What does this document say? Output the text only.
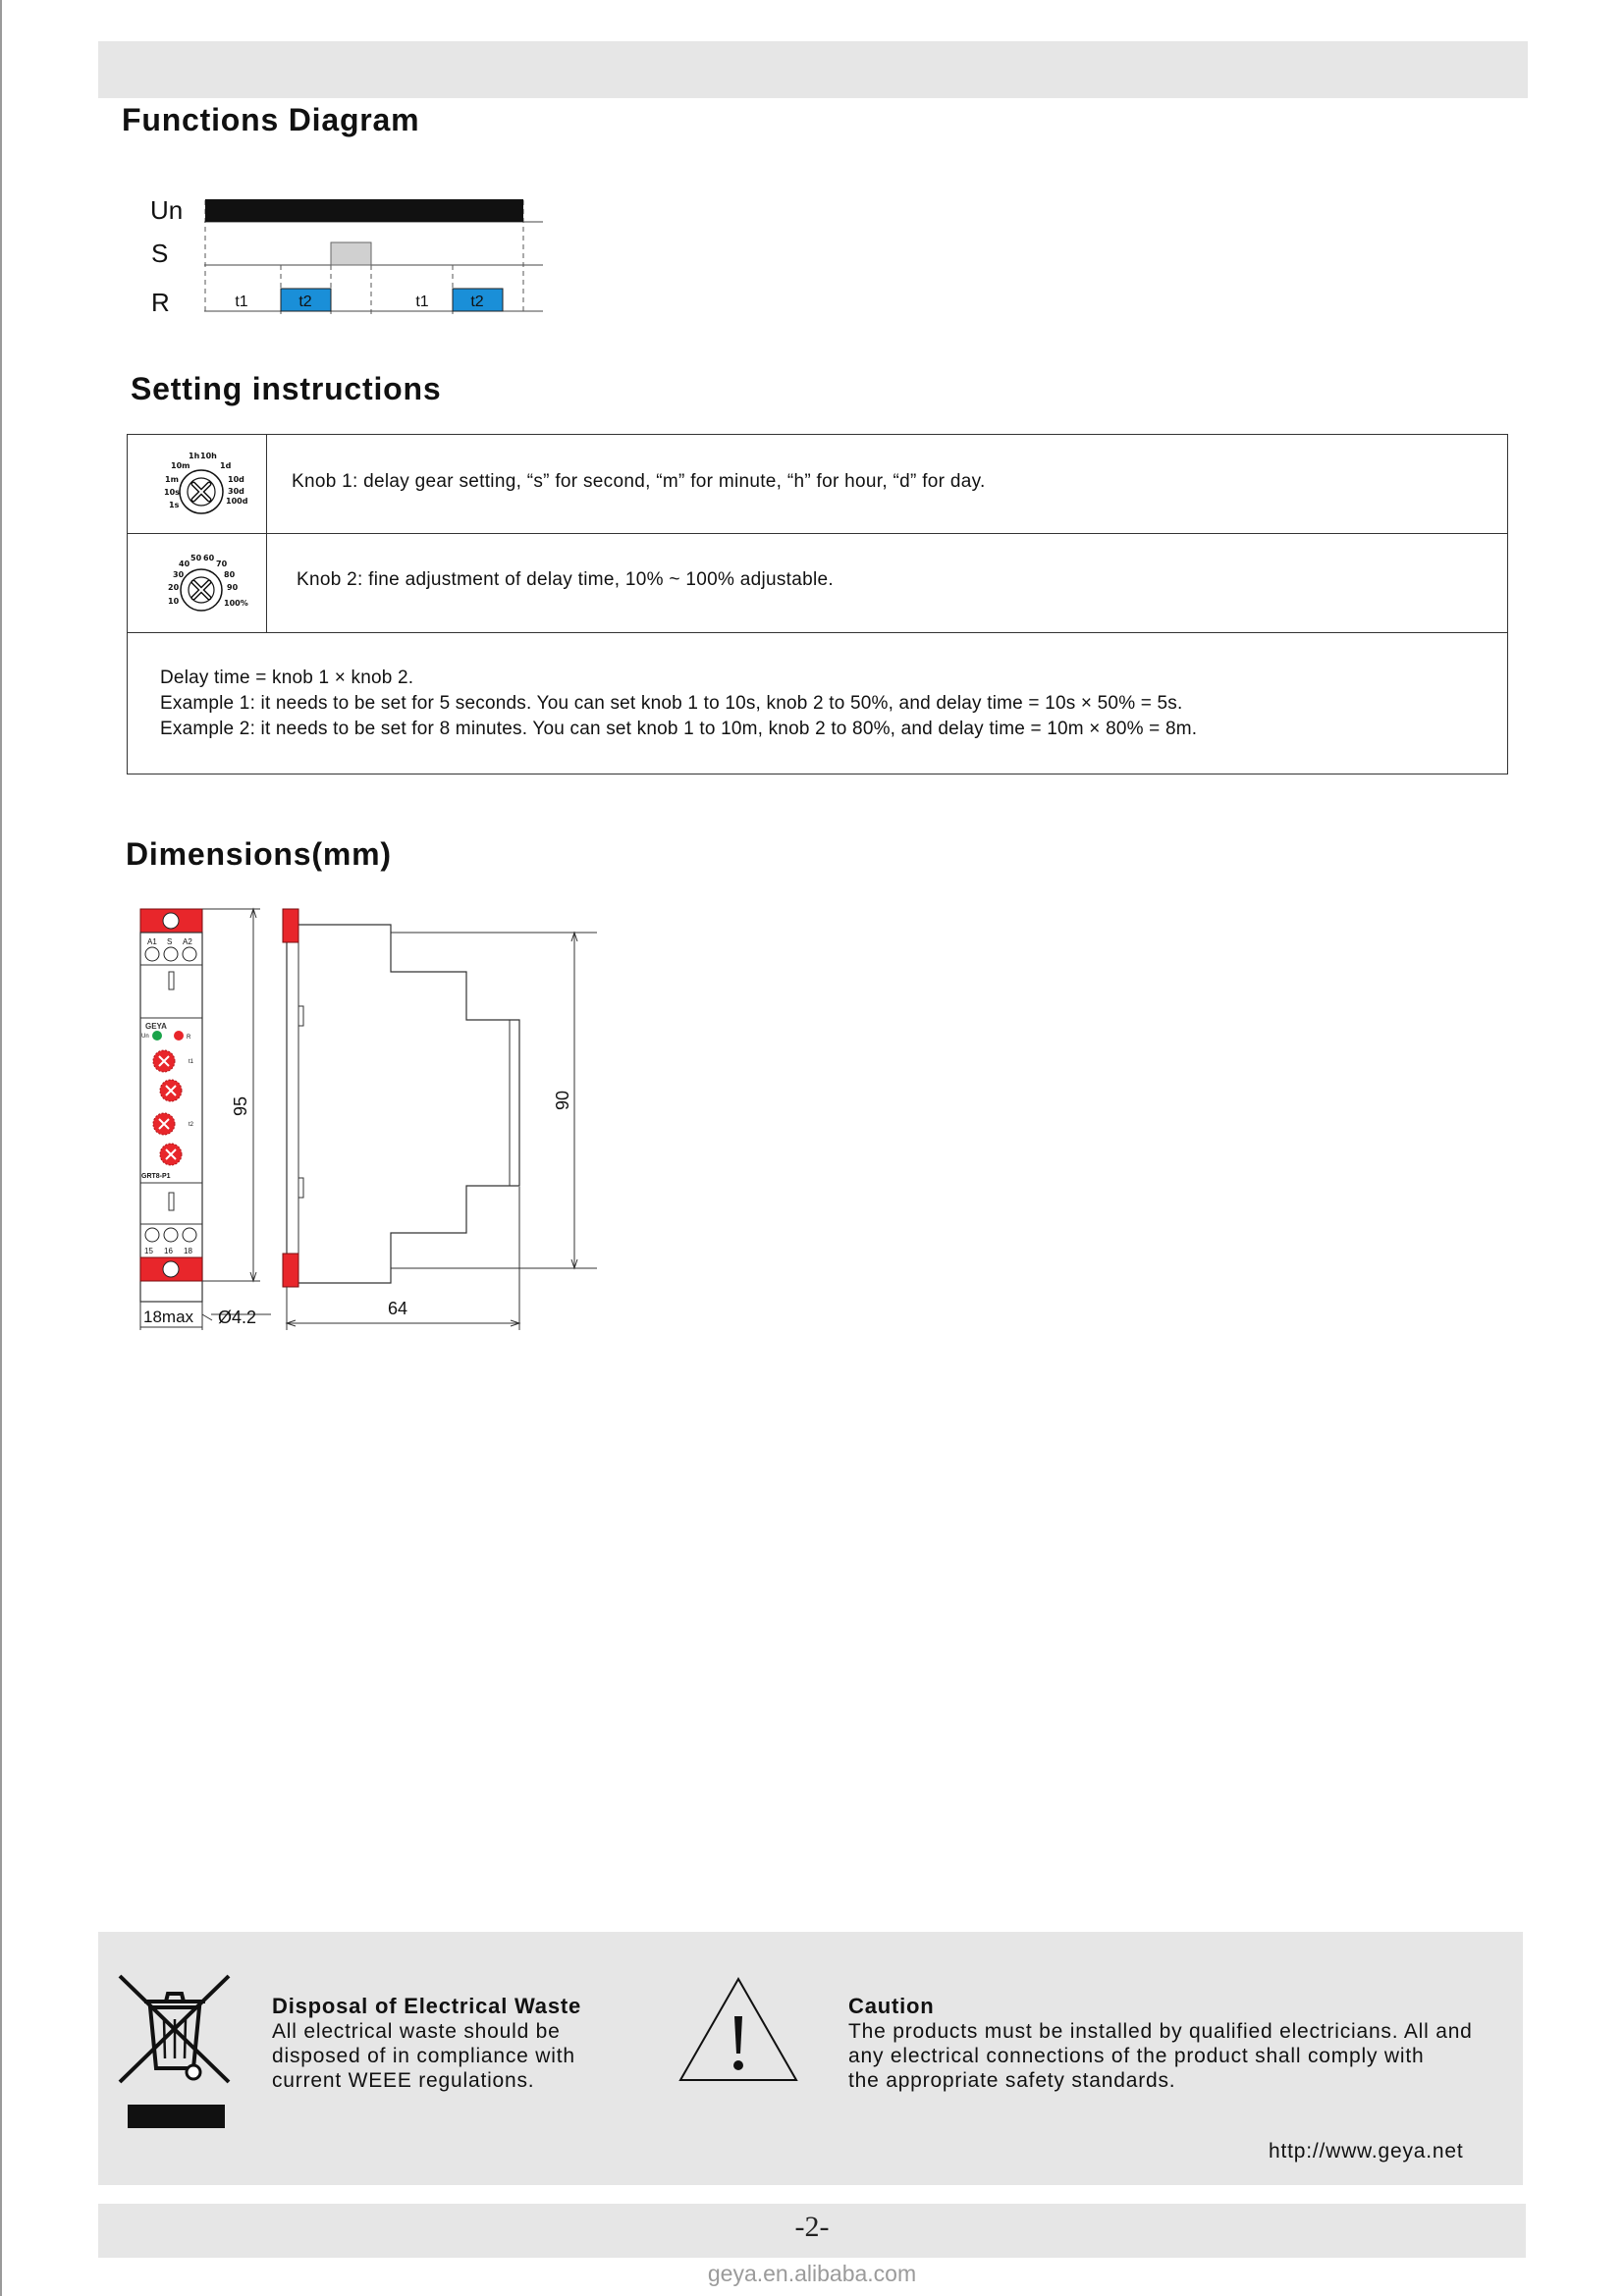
Functions Diagram
Un
S
R	t1	t2	t1	t2
Setting instructions
1h 10h
10m	1d
1m	10d
10s	30d
1s	100d
Knob 1: delay gear setting, “s” for second, “m” for minute, “h” for hour, “d” for day.
40
50 60
70
30	80
20	90
10	100%
Knob 2: fine adjustment of delay time, 10% ~ 100% adjustable.
Delay time = knob 1 × knob 2.
Example 1: it needs to be set for 5 seconds. You can set knob 1 to 10s, knob 2 to 50%, and delay time = 10s × 50% = 5s.
Example 2: it needs to be set for 8 minutes. You can set knob 1 to 10m, knob 2 to 80%, and delay time = 10m × 80% = 8m.
Dimensions(mm)
A1 S A2
GEYA
Un	R
t1
t2
GRT8-P1
15 16 18
95
18max Ø4.2
90
64
Disposal of Electrical Waste
All electrical waste should be
disposed of in compliance with
current WEEE regulations.
Caution
The products must be installed by qualified electricians. All and
any electrical connections of the product shall comply with
the appropriate safety standards.
http://www.geya.net
-2-
geya.en.alibaba.com
